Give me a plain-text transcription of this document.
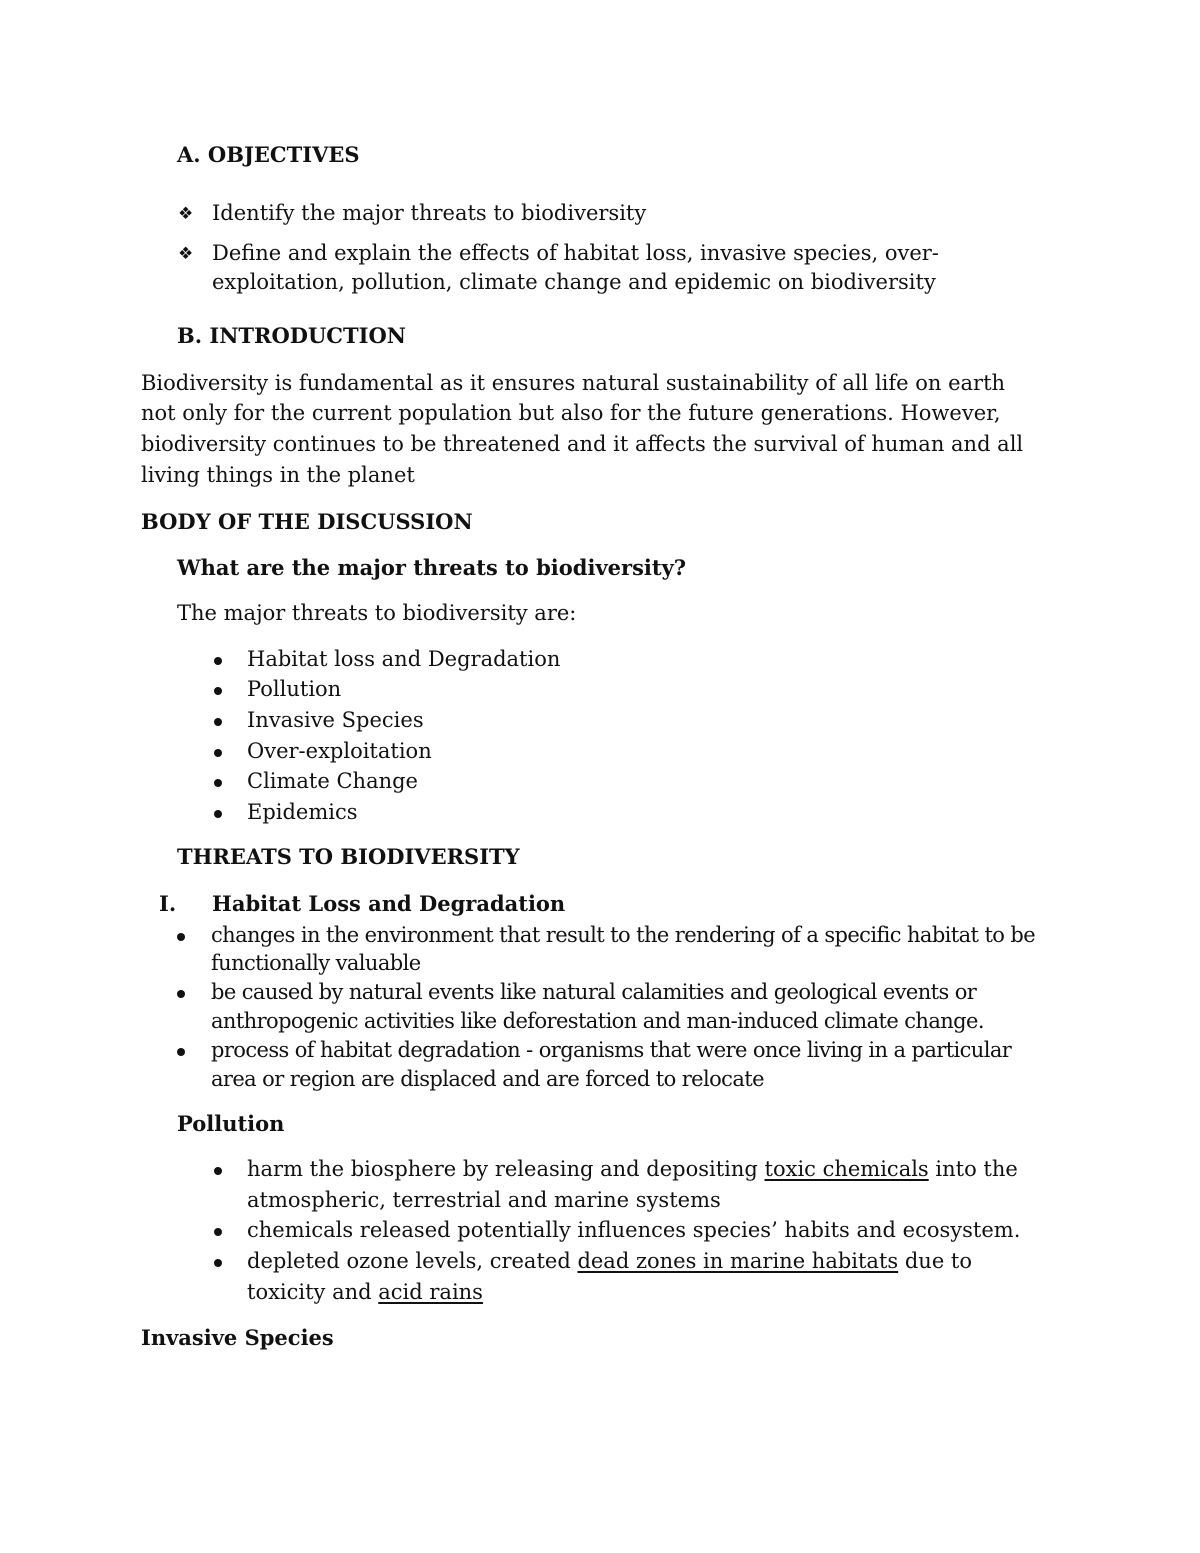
A. OBJECTIVES
❖ Identify the major threats to biodiversity
❖ Define and explain the effects of habitat loss, invasive species, over-
exploitation, pollution, climate change and epidemic on biodiversity
B. INTRODUCTION
Biodiversity is fundamental as it ensures natural sustainability of all life on earth
not only for the current population but also for the future generations. However,
biodiversity continues to be threatened and it affects the survival of human and all
living things in the planet
BODY OF THE DISCUSSION
What are the major threats to biodiversity?
The major threats to biodiversity are:
Habitat loss and Degradation
Pollution
Invasive Species
Over-exploitation
Climate Change
Epidemics
THREATS TO BIODIVERSITY
I. Habitat Loss and Degradation
changes in the environment that result to the rendering of a specific habitat to be
functionally valuable
be caused by natural events like natural calamities and geological events or
anthropogenic activities like deforestation and man-induced climate change.
process of habitat degradation - organisms that were once living in a particular
area or region are displaced and are forced to relocate
Pollution
harm the biosphere by releasing and depositing toxic chemicals into the
atmospheric, terrestrial and marine systems
chemicals released potentially influences species’ habits and ecosystem.
depleted ozone levels, created dead zones in marine habitats due to
toxicity and acid rains
Invasive Species
